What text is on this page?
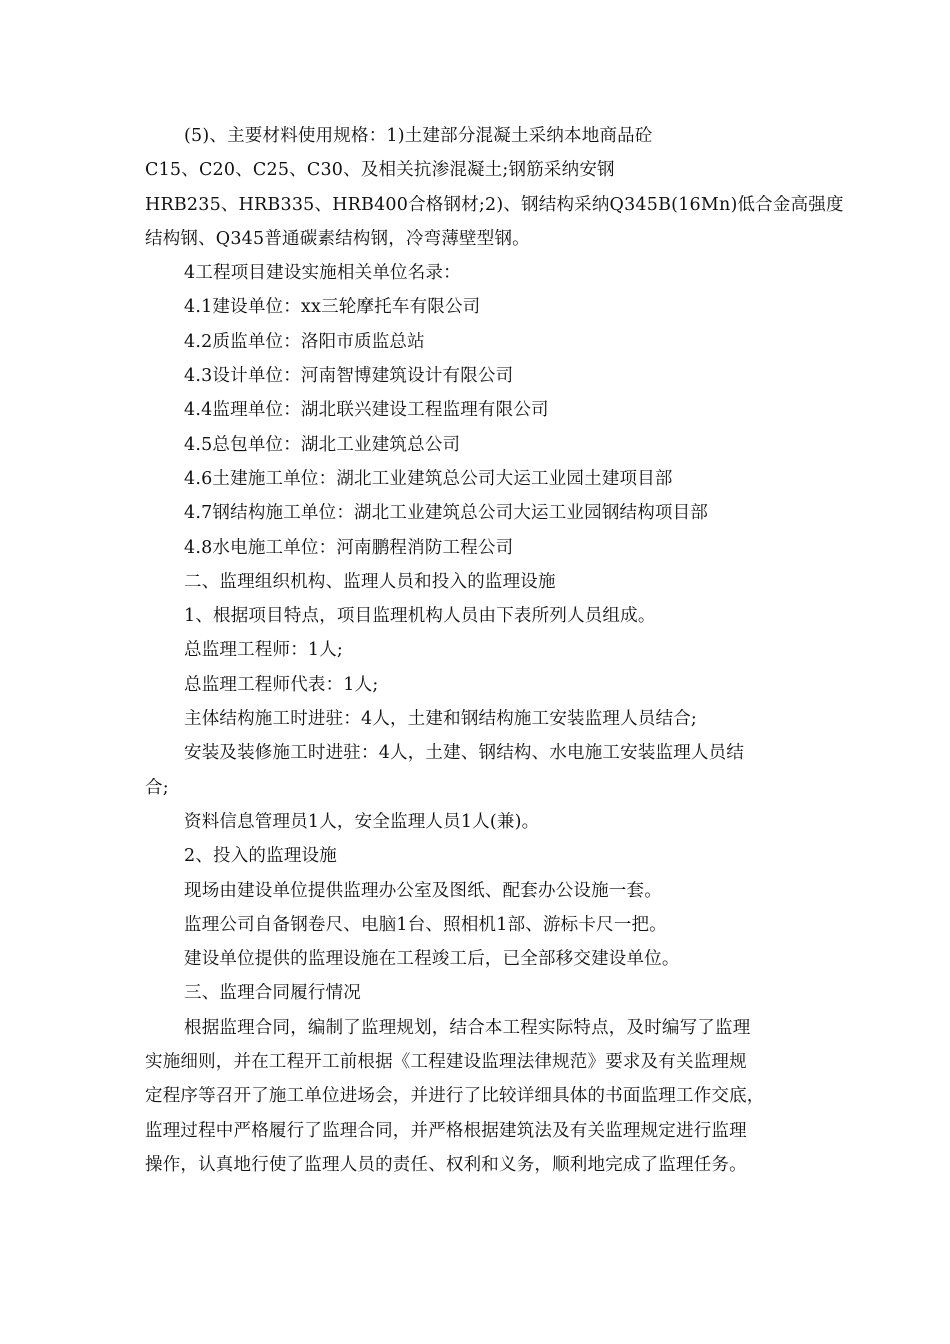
(5)、主要材料使用规格：1)土建部分混凝土采纳本地商品砼
C15、C20、C25、C30、及相关抗渗混凝土;钢筋采纳安钢
HRB235、HRB335、HRB400合格钢材;2)、钢结构采纳Q345B(16Mn)低合金高强度
结构钢、Q345普通碳素结构钢，冷弯薄壁型钢。
4工程项目建设实施相关单位名录：
4.1建设单位：xx三轮摩托车有限公司
4.2质监单位：洛阳市质监总站
4.3设计单位：河南智博建筑设计有限公司
4.4监理单位：湖北联兴建设工程监理有限公司
4.5总包单位：湖北工业建筑总公司
4.6土建施工单位：湖北工业建筑总公司大运工业园土建项目部
4.7钢结构施工单位：湖北工业建筑总公司大运工业园钢结构项目部
4.8水电施工单位：河南鹏程消防工程公司
二、监理组织机构、监理人员和投入的监理设施
1、根据项目特点，项目监理机构人员由下表所列人员组成。
总监理工程师：1人;
总监理工程师代表：1人;
主体结构施工时进驻：4人，土建和钢结构施工安装监理人员结合;
安装及装修施工时进驻：4人，土建、钢结构、水电施工安装监理人员结
合;
资料信息管理员1人，安全监理人员1人(兼)。
2、投入的监理设施
现场由建设单位提供监理办公室及图纸、配套办公设施一套。
监理公司自备钢卷尺、电脑1台、照相机1部、游标卡尺一把。
建设单位提供的监理设施在工程竣工后，已全部移交建设单位。
三、监理合同履行情况
根据监理合同，编制了监理规划，结合本工程实际特点，及时编写了监理
实施细则，并在工程开工前根据《工程建设监理法律规范》要求及有关监理规
定程序等召开了施工单位进场会，并进行了比较详细具体的书面监理工作交底，
监理过程中严格履行了监理合同，并严格根据建筑法及有关监理规定进行监理
操作，认真地行使了监理人员的责任、权利和义务，顺利地完成了监理任务。
